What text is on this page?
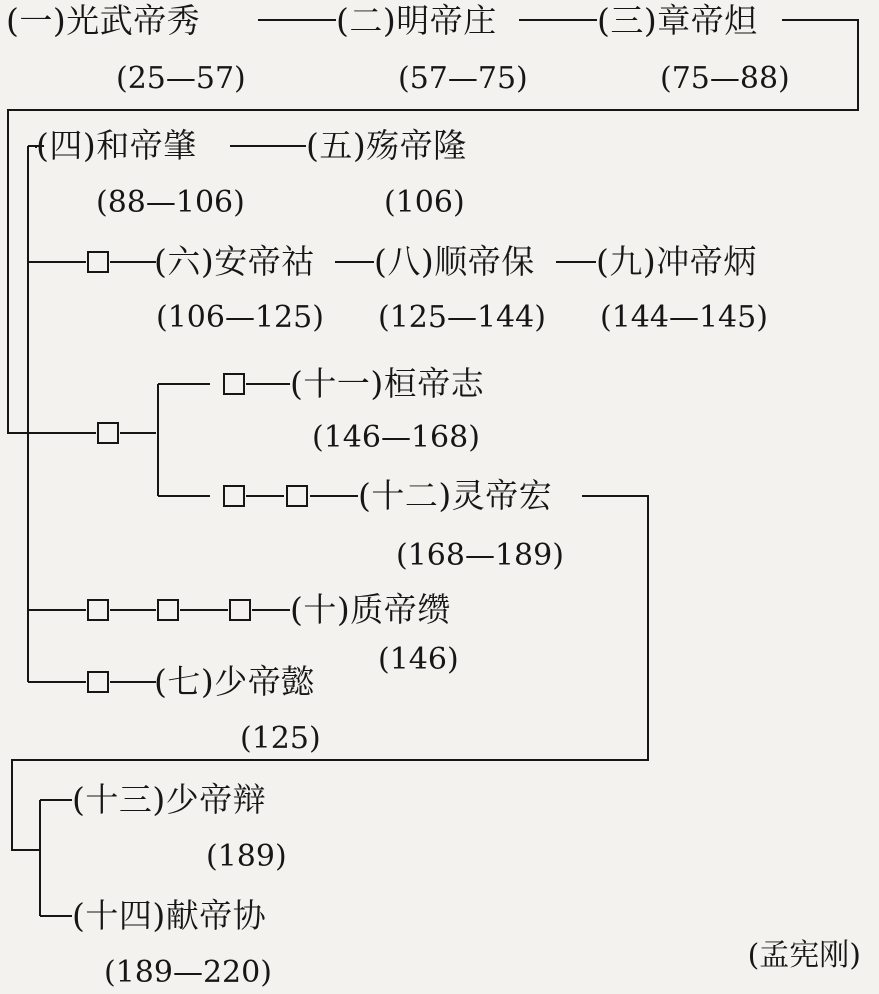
(一)光武帝秀
(25—57)
(二)明帝庄
(57—75)
(三)章帝炟
(75—88)
(四)和帝肇
(88—106)
(五)殇帝隆
(106)
(六)安帝祜
(106—125)
(八)顺帝保
(125—144)
(九)冲帝炳
(144—145)
(十一)桓帝志
(146—168)
(十二)灵帝宏
(168—189)
(十)质帝缵
(146)
(七)少帝懿
(125)
(十三)少帝辩
(189)
(十四)献帝协
(189—220)	(孟宪刚)
